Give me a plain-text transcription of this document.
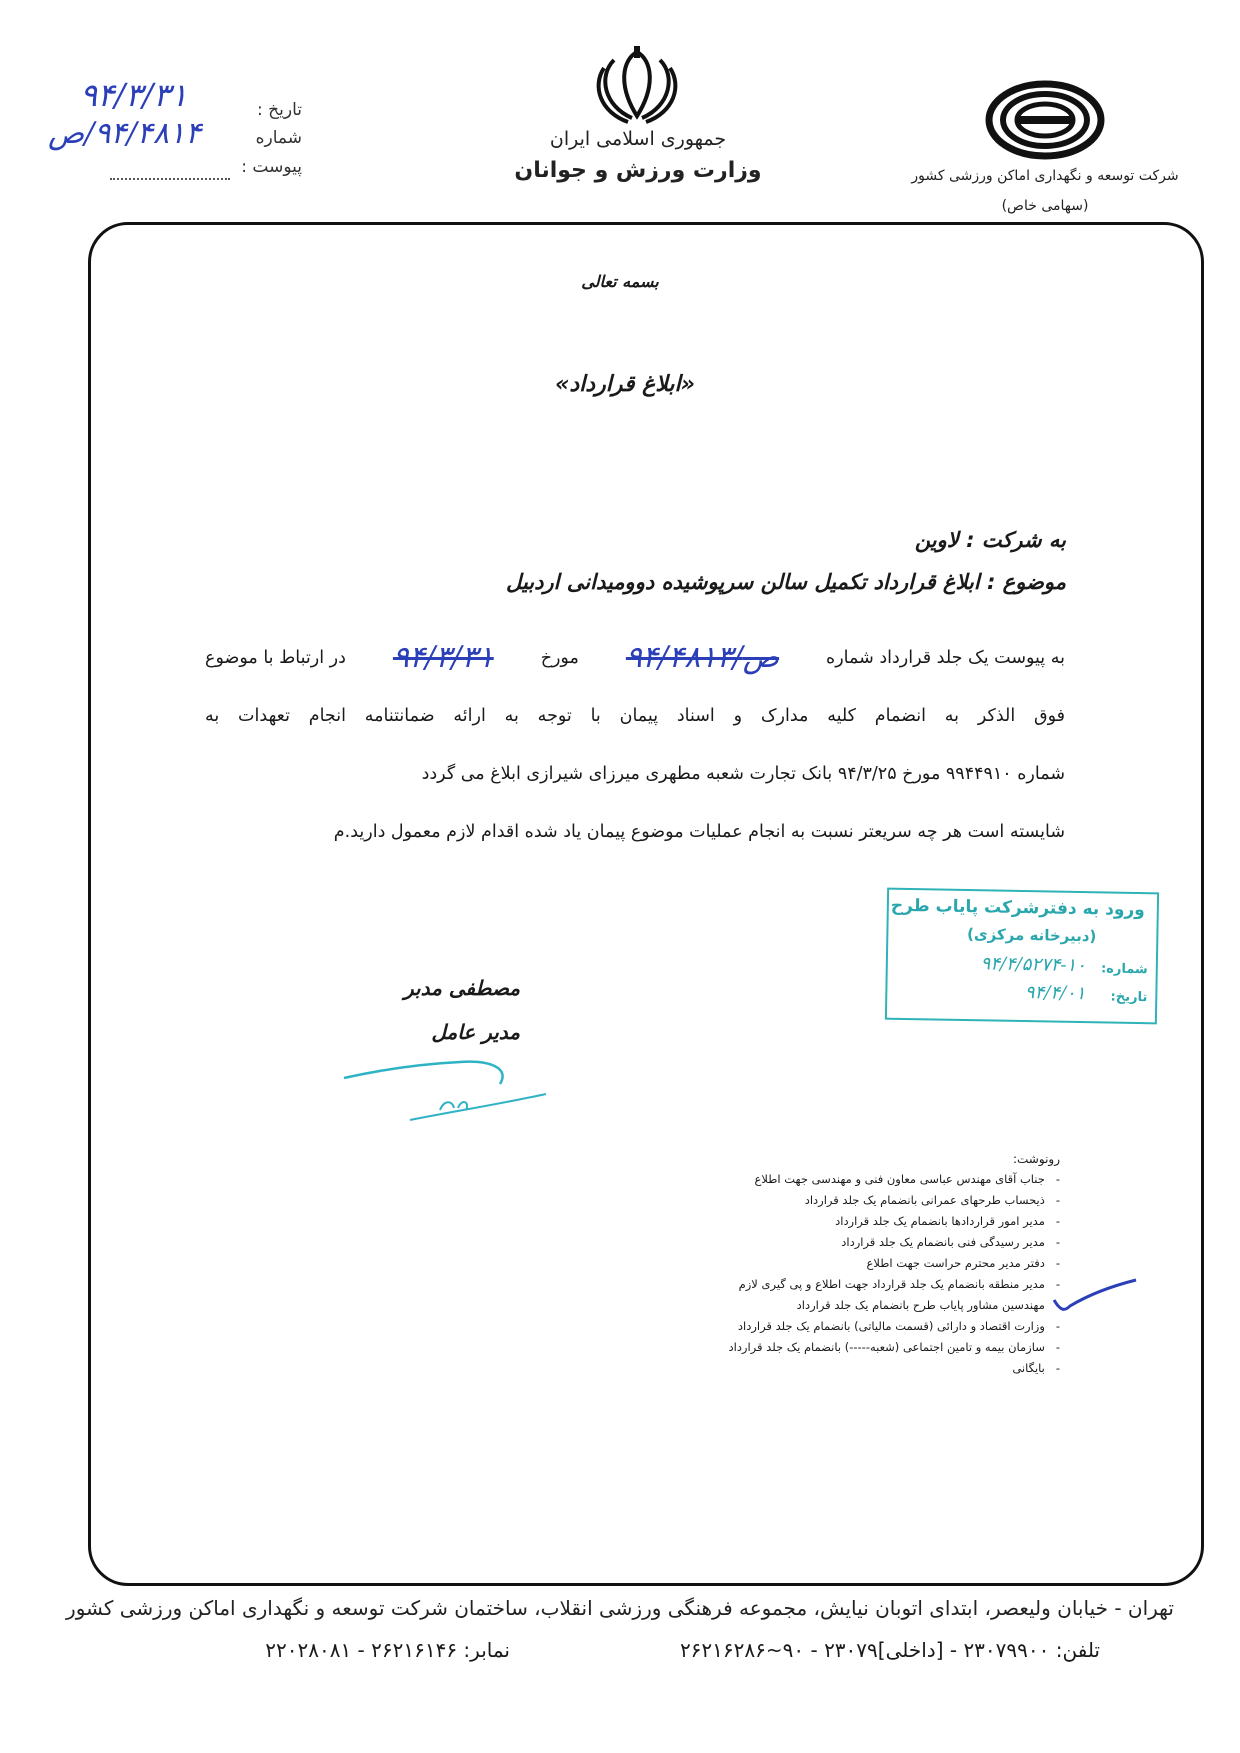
تاریخ :
شماره
پیوست :
۹۴/۳/۳۱
۹۴/۴۸۱۴/ص	جمهوری اسلامی ایران
وزارت ورزش و جوانان	شرکت توسعه و نگهداری اماکن ورزشی کشور
(سهامی خاص)
بسمه تعالی
«ابلاغ قرارداد»
به شرکت : لاوین
موضوع : ابلاغ قرارداد تکمیل سالن سرپوشیده دوومیدانی اردبیل
به پیوست یک جلد قرارداد شماره
۹۴/۴۸۱۳/ص
مورخ
۹۴/۳/۳۱
در ارتباط با موضوع
فوق الذکر به انضمام کلیه مدارک و اسناد پیمان با توجه به ارائه ضمانتنامه انجام تعهدات به
شماره ۹۹۴۴۹۱۰ مورخ ۹۴/۳/۲۵ بانک تجارت شعبه مطهری میرزای شیرازی ابلاغ می گردد
شایسته است هر چه سریعتر نسبت به انجام عملیات موضوع پیمان یاد شده اقدام لازم معمول دارید.م
ورود به دفترشرکت پایاب طرح
(دبیرخانه مرکزی)
شماره:
۹۴/۴/۵۲۷۴-۱۰
تاریخ:
۹۴/۴/۰۱
مصطفی مدبر
مدیر عامل
رونوشت:
-   جناب آقای مهندس عباسی معاون فنی و مهندسی جهت اطلاع
-   ذیحساب طرحهای عمرانی بانضمام یک جلد قرارداد
-   مدیر امور قراردادها بانضمام یک جلد قرارداد
-   مدیر رسیدگی فنی بانضمام یک جلد قرارداد
-   دفتر مدیر محترم حراست جهت اطلاع
-   مدیر منطقه بانضمام یک جلد قرارداد جهت اطلاع و پی گیری لازم
-   مهندسین مشاور پایاب طرح بانضمام یک جلد قرارداد
-   وزارت اقتصاد و دارائی (قسمت مالیاتی) بانضمام یک جلد قرارداد
-   سازمان بیمه و تامین اجتماعی (شعبه-----) بانضمام یک جلد قرارداد
-   بایگانی
تهران - خیابان ولیعصر، ابتدای اتوبان نیایش، مجموعه فرهنگی ورزشی انقلاب، ساختمان شرکت توسعه و نگهداری اماکن ورزشی کشور
تلفن: ۲۳۰۷۹۹۰۰ - [داخلی]۲۳۰۷۹ - ۹۰~۲۶۲۱۶۲۸۶
نمابر: ۲۶۲۱۶۱۴۶ - ۲۲۰۲۸۰۸۱
